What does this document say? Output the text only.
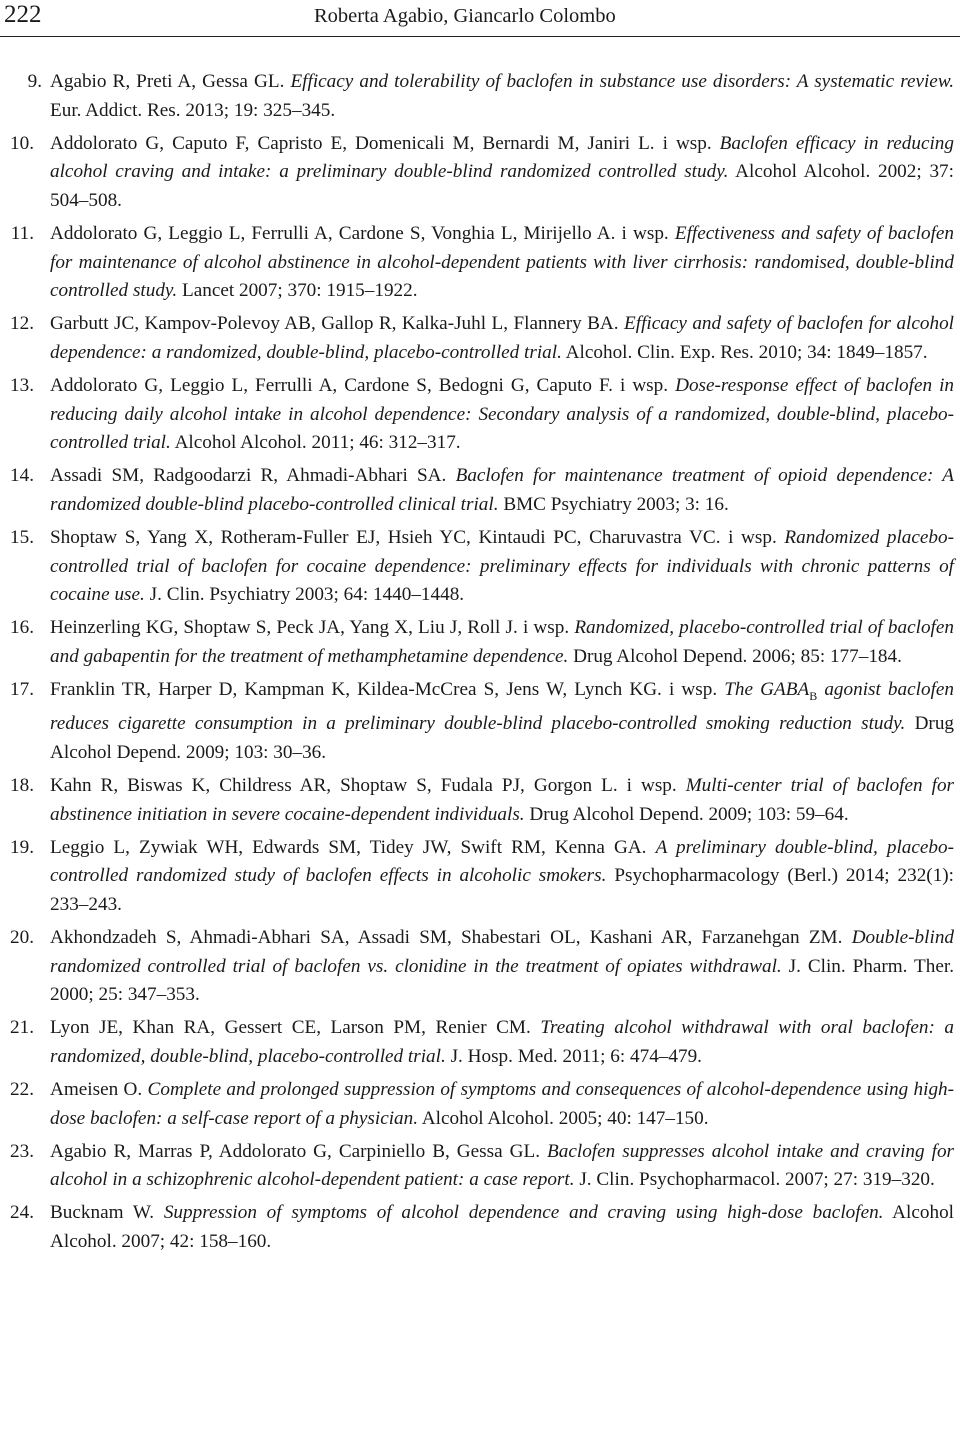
222	Roberta Agabio, Giancarlo Colombo
9. Agabio R, Preti A, Gessa GL. Efficacy and tolerability of baclofen in substance use disorders: A systematic review. Eur. Addict. Res. 2013; 19: 325–345.
10. Addolorato G, Caputo F, Capristo E, Domenicali M, Bernardi M, Janiri L. i wsp. Baclofen efficacy in reducing alcohol craving and intake: a preliminary double-blind randomized controlled study. Alcohol Alcohol. 2002; 37: 504–508.
11. Addolorato G, Leggio L, Ferrulli A, Cardone S, Vonghia L, Mirijello A. i wsp. Effectiveness and safety of baclofen for maintenance of alcohol abstinence in alcohol-dependent patients with liver cirrhosis: randomised, double-blind controlled study. Lancet 2007; 370: 1915–1922.
12. Garbutt JC, Kampov-Polevoy AB, Gallop R, Kalka-Juhl L, Flannery BA. Efficacy and safety of baclofen for alcohol dependence: a randomized, double-blind, placebo-controlled trial. Alcohol. Clin. Exp. Res. 2010; 34: 1849–1857.
13. Addolorato G, Leggio L, Ferrulli A, Cardone S, Bedogni G, Caputo F. i wsp. Dose-response effect of baclofen in reducing daily alcohol intake in alcohol dependence: Secondary analysis of a randomized, double-blind, placebo-controlled trial. Alcohol Alcohol. 2011; 46: 312–317.
14. Assadi SM, Radgoodarzi R, Ahmadi-Abhari SA. Baclofen for maintenance treatment of opioid dependence: A randomized double-blind placebo-controlled clinical trial. BMC Psychiatry 2003; 3: 16.
15. Shoptaw S, Yang X, Rotheram-Fuller EJ, Hsieh YC, Kintaudi PC, Charuvastra VC. i wsp. Randomized placebo-controlled trial of baclofen for cocaine dependence: preliminary effects for individuals with chronic patterns of cocaine use. J. Clin. Psychiatry 2003; 64: 1440–1448.
16. Heinzerling KG, Shoptaw S, Peck JA, Yang X, Liu J, Roll J. i wsp. Randomized, placebo-controlled trial of baclofen and gabapentin for the treatment of methamphetamine dependence. Drug Alcohol Depend. 2006; 85: 177–184.
17. Franklin TR, Harper D, Kampman K, Kildea-McCrea S, Jens W, Lynch KG. i wsp. The $GABA_B$ agonist baclofen reduces cigarette consumption in a preliminary double-blind placebo-controlled smoking reduction study. Drug Alcohol Depend. 2009; 103: 30–36.
18. Kahn R, Biswas K, Childress AR, Shoptaw S, Fudala PJ, Gorgon L. i wsp. Multi-center trial of baclofen for abstinence initiation in severe cocaine-dependent individuals. Drug Alcohol Depend. 2009; 103: 59–64.
19. Leggio L, Zywiak WH, Edwards SM, Tidey JW, Swift RM, Kenna GA. A preliminary double-blind, placebo-controlled randomized study of baclofen effects in alcoholic smokers. Psychopharmacology (Berl.) 2014; 232(1): 233–243.
20. Akhondzadeh S, Ahmadi-Abhari SA, Assadi SM, Shabestari OL, Kashani AR, Farzanehgan ZM. Double-blind randomized controlled trial of baclofen vs. clonidine in the treatment of opiates withdrawal. J. Clin. Pharm. Ther. 2000; 25: 347–353.
21. Lyon JE, Khan RA, Gessert CE, Larson PM, Renier CM. Treating alcohol withdrawal with oral baclofen: a randomized, double-blind, placebo-controlled trial. J. Hosp. Med. 2011; 6: 474–479.
22. Ameisen O. Complete and prolonged suppression of symptoms and consequences of alcohol-dependence using high-dose baclofen: a self-case report of a physician. Alcohol Alcohol. 2005; 40: 147–150.
23. Agabio R, Marras P, Addolorato G, Carpiniello B, Gessa GL. Baclofen suppresses alcohol intake and craving for alcohol in a schizophrenic alcohol-dependent patient: a case report. J. Clin. Psychopharmacol. 2007; 27: 319–320.
24. Bucknam W. Suppression of symptoms of alcohol dependence and craving using high-dose baclofen. Alcohol Alcohol. 2007; 42: 158–160.
